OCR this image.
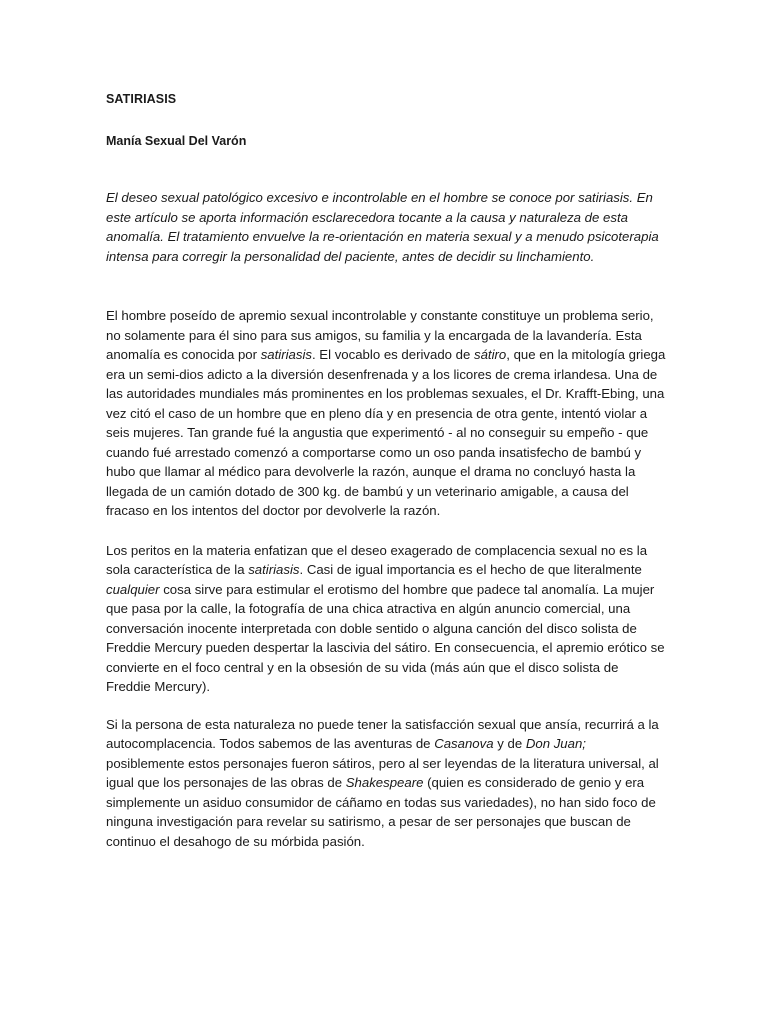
SATIRIASIS

Manía Sexual Del Varón

El deseo sexual patológico excesivo e incontrolable en el hombre se conoce por satiriasis. En este artículo se aporta información esclarecedora tocante a la causa y naturaleza de esta anomalía. El tratamiento envuelve la re-orientación en materia sexual y a menudo psicoterapia intensa para corregir la personalidad del paciente, antes de decidir su linchamiento.

El hombre poseído de apremio sexual incontrolable y constante constituye un problema serio, no solamente para él sino para sus amigos, su familia y la encargada de la lavandería. Esta anomalía es conocida por satiriasis. El vocablo es derivado de sátiro, que en la mitología griega era un semi-dios adicto a la diversión desenfrenada y a los licores de crema irlandesa. Una de las autoridades mundiales más prominentes en los problemas sexuales, el Dr. Krafft-Ebing, una vez citó el caso de un hombre que en pleno día y en presencia de otra gente, intentó violar a seis mujeres. Tan grande fué la angustia que experimentó - al no conseguir su empeño - que cuando fué arrestado comenzó a comportarse como un oso panda insatisfecho de bambú y hubo que llamar al médico para devolverle la razón, aunque el drama no concluyó hasta la llegada de un camión dotado de 300 kg. de bambú y un veterinario amigable, a causa del fracaso en los intentos del doctor por devolverle la razón.

Los peritos en la materia enfatizan que el deseo exagerado de complacencia sexual no es la sola característica de la satiriasis. Casi de igual importancia es el hecho de que literalmente cualquier cosa sirve para estimular el erotismo del hombre que padece tal anomalía. La mujer que pasa por la calle, la fotografía de una chica atractiva en algún anuncio comercial, una conversación inocente interpretada con doble sentido o alguna canción del disco solista de Freddie Mercury pueden despertar la lascivia del sátiro. En consecuencia, el apremio erótico se convierte en el foco central y en la obsesión de su vida (más aún que el disco solista de Freddie Mercury).

Si la persona de esta naturaleza no puede tener la satisfacción sexual que ansía, recurrirá a la autocomplacencia. Todos sabemos de las aventuras de Casanova y de Don Juan; posiblemente estos personajes fueron sátiros, pero al ser leyendas de la literatura universal, al igual que los personajes de las obras de Shakespeare (quien es considerado de genio y era simplemente un asiduo consumidor de cáñamo en todas sus variedades), no han sido foco de ninguna investigación para revelar su satirismo, a pesar de ser personajes que buscan de continuo el desahogo de su mórbida pasión.
